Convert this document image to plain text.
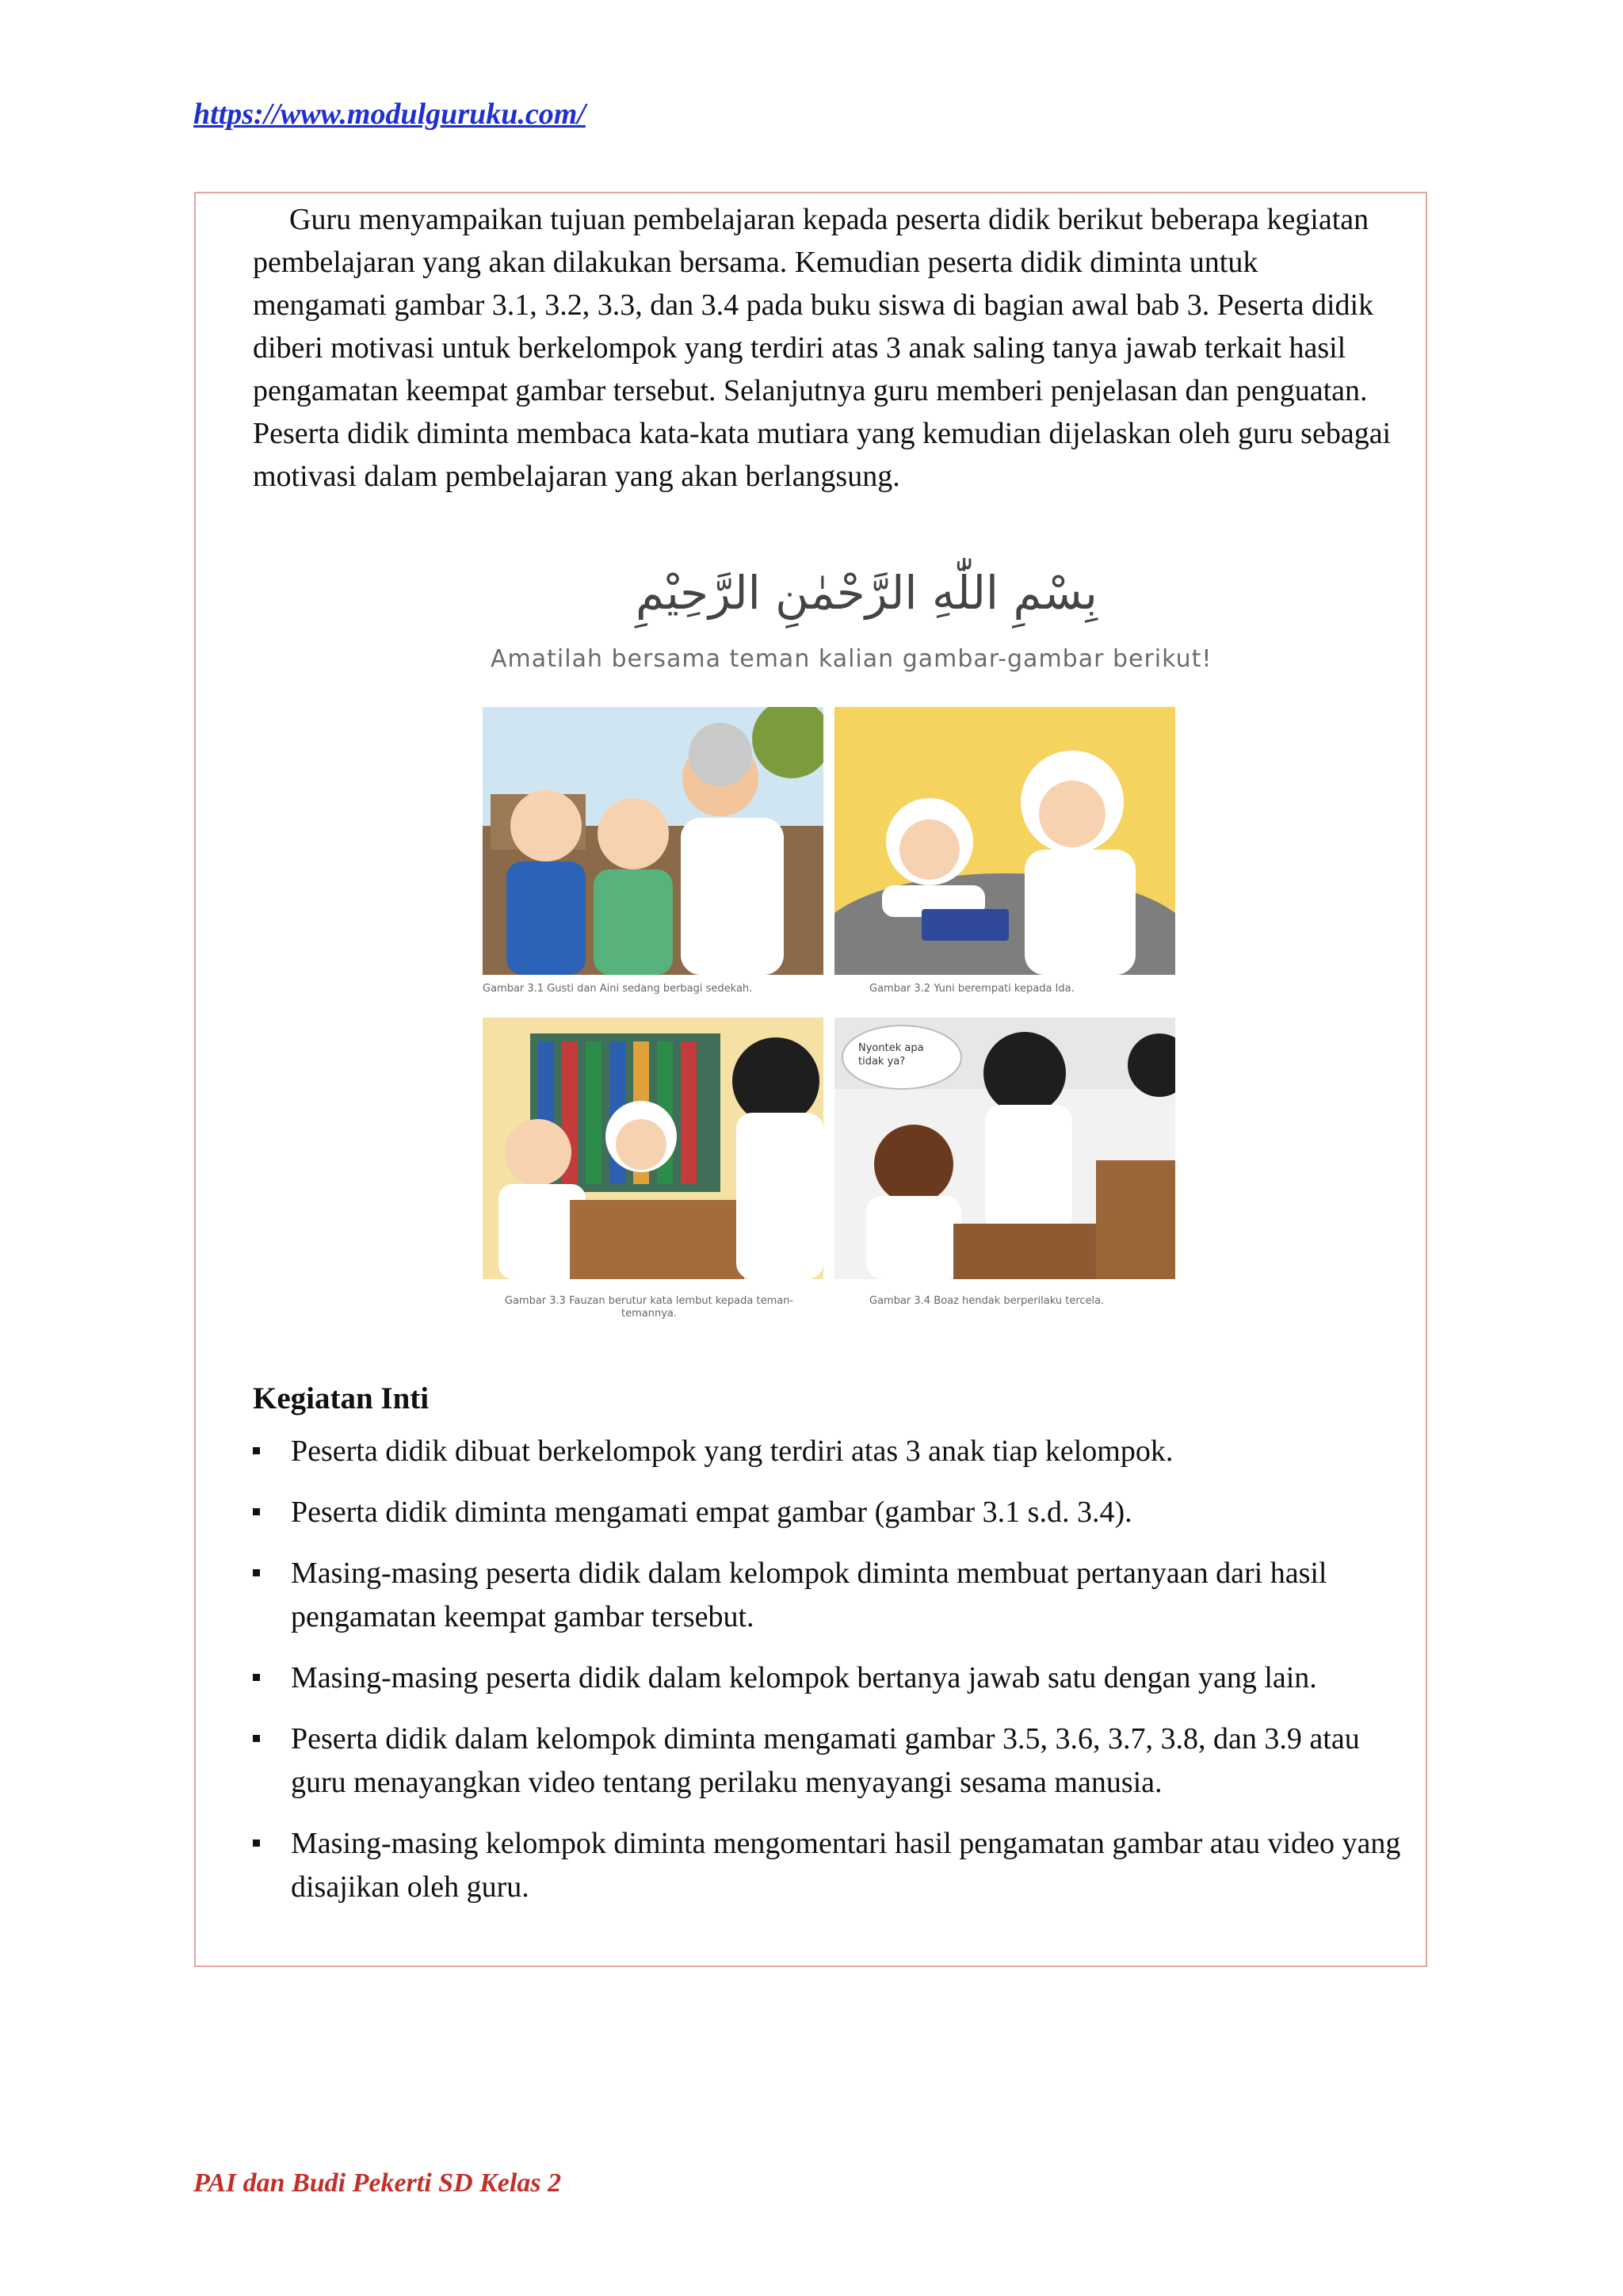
https://www.modulguruku.com/

Guru menyampaikan tujuan pembelajaran kepada peserta didik berikut beberapa kegiatan pembelajaran yang akan dilakukan bersama. Kemudian peserta didik diminta untuk mengamati gambar 3.1, 3.2, 3.3, dan 3.4 pada buku siswa di bagian awal bab 3. Peserta didik diberi motivasi untuk berkelompok yang terdiri atas 3 anak saling tanya jawab terkait hasil pengamatan keempat gambar tersebut. Selanjutnya guru memberi penjelasan dan penguatan. Peserta didik diminta membaca kata-kata mutiara yang kemudian dijelaskan oleh guru sebagai motivasi dalam pembelajaran yang akan berlangsung.

بِسْمِ اللّٰهِ الرَّحْمٰنِ الرَّحِيْمِ
Amatilah bersama teman kalian gambar-gambar berikut!
Gambar 3.1 Gusti dan Aini sedang berbagi sedekah.	Gambar 3.2 Yuni berempati kepada Ida.
Gambar 3.3 Fauzan berutur kata lembut kepada teman-temannya.
Nyontek apa tidak ya?
Gambar 3.4 Boaz hendak berperilaku tercela.
Kegiatan Inti
Peserta didik dibuat berkelompok yang terdiri atas 3 anak tiap kelompok.
Peserta didik diminta mengamati empat gambar (gambar 3.1 s.d. 3.4).
Masing-masing peserta didik dalam kelompok diminta membuat pertanyaan dari hasil pengamatan keempat gambar tersebut.
Masing-masing peserta didik dalam kelompok bertanya jawab satu dengan yang lain.
Peserta didik dalam kelompok diminta mengamati gambar 3.5, 3.6, 3.7, 3.8, dan 3.9 atau guru menayangkan video tentang perilaku menyayangi sesama manusia.
Masing-masing kelompok diminta mengomentari hasil pengamatan gambar atau video yang disajikan oleh guru.
PAI dan Budi Pekerti SD Kelas 2
